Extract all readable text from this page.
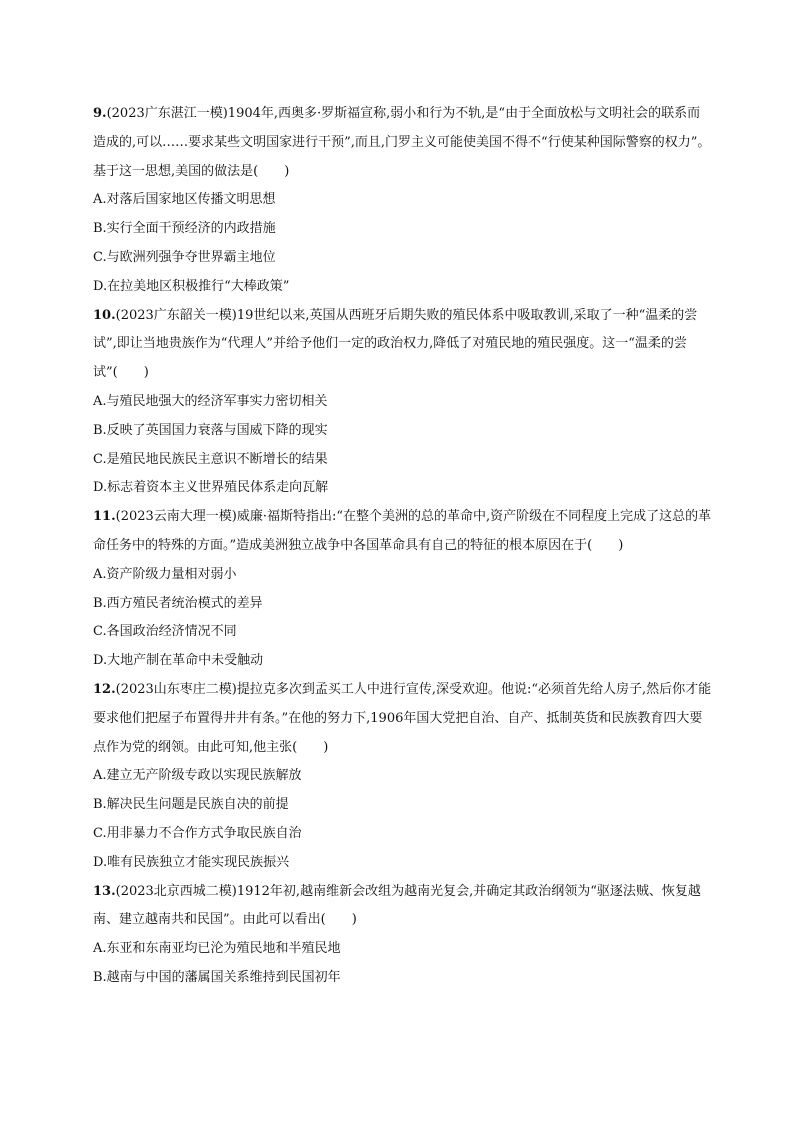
9.(2023广东湛江一模)1904年,西奥多·罗斯福宣称,弱小和行为不轨,是“由于全面放松与文明社会的联系而造成的,可以……要求某些文明国家进行干预”,而且,门罗主义可能使美国不得不“行使某种国际警察的权力”。基于这一思想,美国的做法是(　　)

A.对落后国家地区传播文明思想

B.实行全面干预经济的内政措施

C.与欧洲列强争夺世界霸主地位

D.在拉美地区积极推行“大棒政策”

10.(2023广东韶关一模)19世纪以来,英国从西班牙后期失败的殖民体系中吸取教训,采取了一种“温柔的尝试”,即让当地贵族作为“代理人”并给予他们一定的政治权力,降低了对殖民地的殖民强度。这一“温柔的尝试”(　　)

A.与殖民地强大的经济军事实力密切相关

B.反映了英国国力衰落与国威下降的现实

C.是殖民地民族民主意识不断增长的结果

D.标志着资本主义世界殖民体系走向瓦解

11.(2023云南大理一模)威廉·福斯特指出:“在整个美洲的总的革命中,资产阶级在不同程度上完成了这总的革命任务中的特殊的方面。”造成美洲独立战争中各国革命具有自己的特征的根本原因在于(　　)

A.资产阶级力量相对弱小

B.西方殖民者统治模式的差异

C.各国政治经济情况不同

D.大地产制在革命中未受触动

12.(2023山东枣庄二模)提拉克多次到孟买工人中进行宣传,深受欢迎。他说:“必须首先给人房子,然后你才能要求他们把屋子布置得井井有条。”在他的努力下,1906年国大党把自治、自产、抵制英货和民族教育四大要点作为党的纲领。由此可知,他主张(　　)

A.建立无产阶级专政以实现民族解放

B.解决民生问题是民族自决的前提

C.用非暴力不合作方式争取民族自治

D.唯有民族独立才能实现民族振兴

13.(2023北京西城二模)1912年初,越南维新会改组为越南光复会,并确定其政治纲领为“驱逐法贼、恢复越南、建立越南共和民国”。由此可以看出(　　)

A.东亚和东南亚均已沦为殖民地和半殖民地

B.越南与中国的藩属国关系维持到民国初年
